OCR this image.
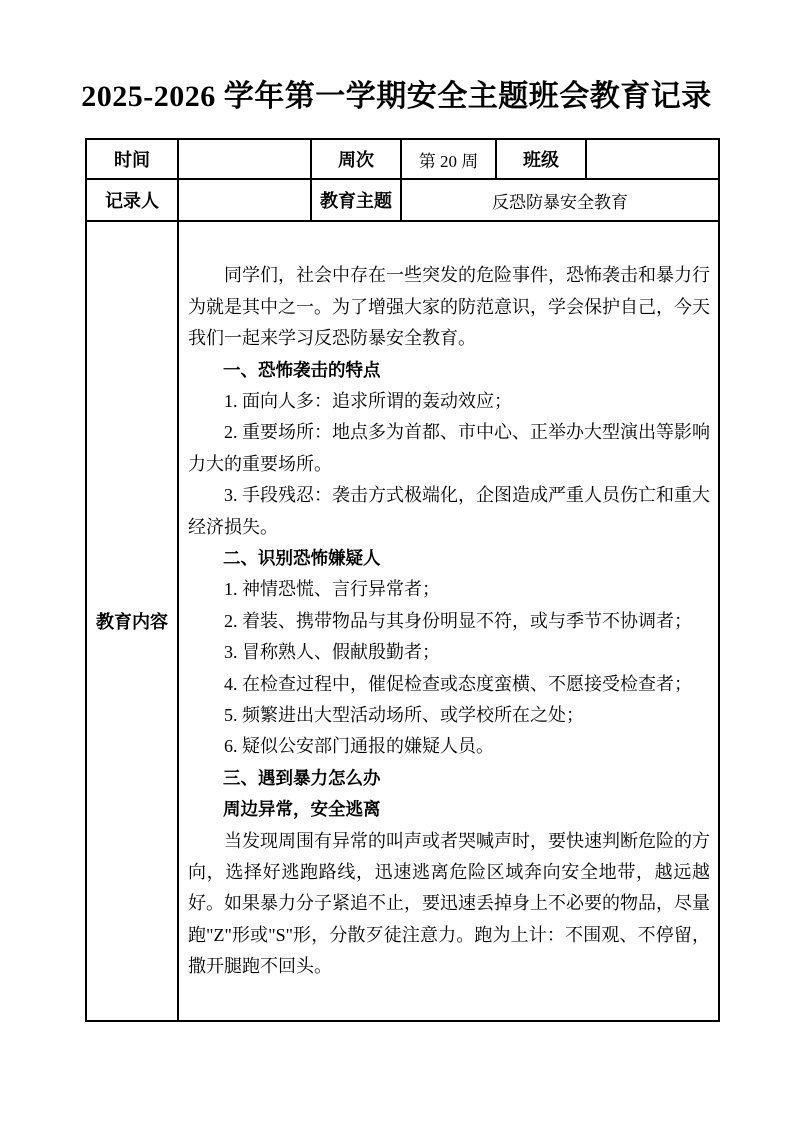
2025-2026 学年第一学期安全主题班会教育记录
时间		周次	第 20 周	班级	
记录人		教育主题	反恐防暴安全教育		
教育内容	

同学们，社会中存在一些突发的危险事件，恐怖袭击和暴力行为就是其中之一。为了增强大家的防范意识，学会保护自己，今天我们一起来学习反恐防暴安全教育。

一、恐怖袭击的特点

1. 面向人多：追求所谓的轰动效应；

2. 重要场所：地点多为首都、市中心、正举办大型演出等影响力大的重要场所。

3. 手段残忍：袭击方式极端化，企图造成严重人员伤亡和重大经济损失。

二、识别恐怖嫌疑人

1. 神情恐慌、言行异常者；

2. 着装、携带物品与其身份明显不符，或与季节不协调者；

3. 冒称熟人、假献殷勤者；

4. 在检查过程中，催促检查或态度蛮横、不愿接受检查者；

5. 频繁进出大型活动场所、或学校所在之处；

6. 疑似公安部门通报的嫌疑人员。

三、遇到暴力怎么办

周边异常，安全逃离

当发现周围有异常的叫声或者哭喊声时，要快速判断危险的方向，选择好逃跑路线，迅速逃离危险区域奔向安全地带，越远越好。如果暴力分子紧追不止，要迅速丢掉身上不必要的物品，尽量跑"Z"形或"S"形，分散歹徒注意力。跑为上计：不围观、不停留，撒开腿跑不回头。
